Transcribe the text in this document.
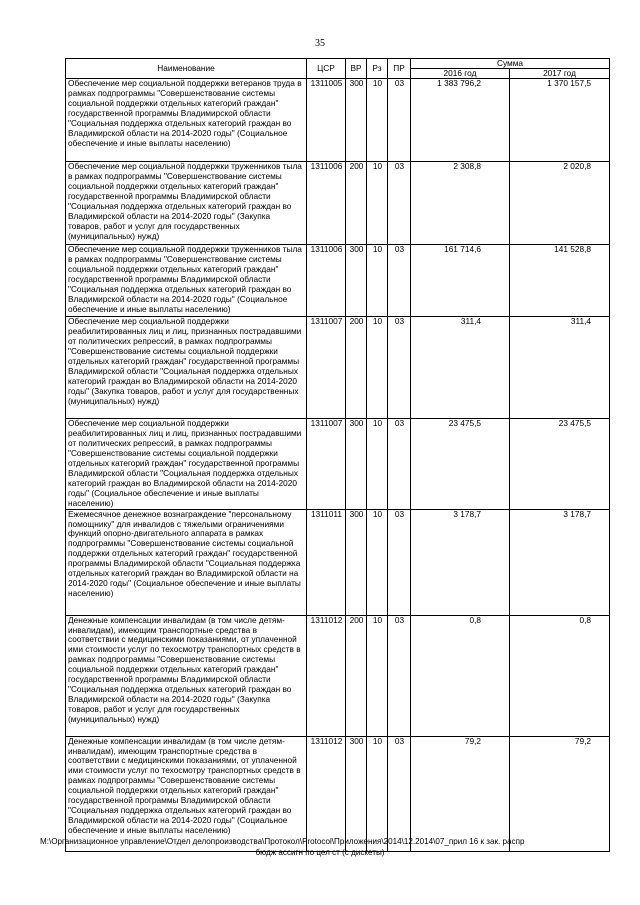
35
Наименование	ЦСР	ВР	Рз	ПР	Сумма	
					2016 год	2017 год
Обеспечение мер социальной поддержки ветеранов труда в рамках подпрограммы "Совершенствование системы социальной поддержки отдельных категорий граждан" государственной программы Владимирской области "Социальная поддержка отдельных категорий граждан во Владимирской области на 2014-2020 годы" (Социальное обеспечение и иные выплаты населению)	1311005	300	10	03	1 383 796,2	1 370 157,5
Обеспечение мер социальной поддержки труженников тыла в рамках подпрограммы "Совершенствование системы социальной поддержки отдельных категорий граждан" государственной программы Владимирской области "Социальная поддержка отдельных категорий граждан во Владимирской области на 2014-2020 годы" (Закупка товаров, работ и услуг для государственных (муниципальных) нужд)	1311006	200	10	03	2 308,8	2 020,8
Обеспечение мер социальной поддержки труженников тыла в рамках подпрограммы "Совершенствование системы социальной поддержки отдельных категорий граждан" государственной программы Владимирской области "Социальная поддержка отдельных категорий граждан во Владимирской области на 2014-2020 годы" (Социальное обеспечение и иные выплаты населению)	1311006	300	10	03	161 714,6	141 528,8
Обеспечение мер социальной поддержки реабилитированных лиц и лиц, признанных пострадавшими от политических репрессий, в рамках подпрограммы "Совершенствование системы социальной поддержки отдельных категорий граждан" государственной программы Владимирской области "Социальная поддержка отдельных категорий граждан во Владимирской области на 2014-2020 годы" (Закупка товаров, работ и услуг для государственных (муниципальных) нужд)	1311007	200	10	03	311,4	311,4
Обеспечение мер социальной поддержки реабилитированных лиц и лиц, признанных пострадавшими от политических репрессий, в рамках подпрограммы "Совершенствование системы социальной поддержки отдельных категорий граждан" государственной программы Владимирской области "Социальная поддержка отдельных категорий граждан во Владимирской области на 2014-2020 годы" (Социальное обеспечение и иные выплаты населению)	1311007	300	10	03	23 475,5	23 475,5
Ежемесячное денежное вознаграждение "персональному помощнику" для инвалидов с тяжелыми ограничениями функций опорно-двигательного аппарата в рамках подпрограммы "Совершенствование системы социальной поддержки отдельных категорий граждан" государственной программы Владимирской области "Социальная поддержка отдельных категорий граждан во Владимирской области на 2014-2020 годы" (Социальное обеспечение и иные выплаты населению)	1311011	300	10	03	3 178,7	3 178,7
Денежные компенсации инвалидам (в том числе детям-инвалидам), имеющим транспортные средства в соответствии с медицинскими показаниями, от уплаченной ими стоимости услуг по техосмотру транспортных средств в рамках подпрограммы "Совершенствование системы социальной поддержки отдельных категорий граждан" государственной программы Владимирской области "Социальная поддержка отдельных категорий граждан во Владимирской области на 2014-2020 годы" (Закупка товаров, работ и услуг для государственных (муниципальных) нужд)	1311012	200	10	03	0,8	0,8
Денежные компенсации инвалидам (в том числе детям-инвалидам), имеющим транспортные средства в соответствии с медицинскими показаниями, от уплаченной ими стоимости услуг по техосмотру транспортных средств в рамках подпрограммы "Совершенствование системы социальной поддержки отдельных категорий граждан" государственной программы Владимирской области "Социальная поддержка отдельных категорий граждан во Владимирской области на 2014-2020 годы" (Социальное обеспечение и иные выплаты населению)	1311012	300	10	03	79,2	79,2
M:\Организационное управление\Отдел делопроизводства\Протокол\Protocol\Приложения\2014\12.2014\07_прил 16 к зак. распр
бюдж ассигн по цел ст (с дискеты)
